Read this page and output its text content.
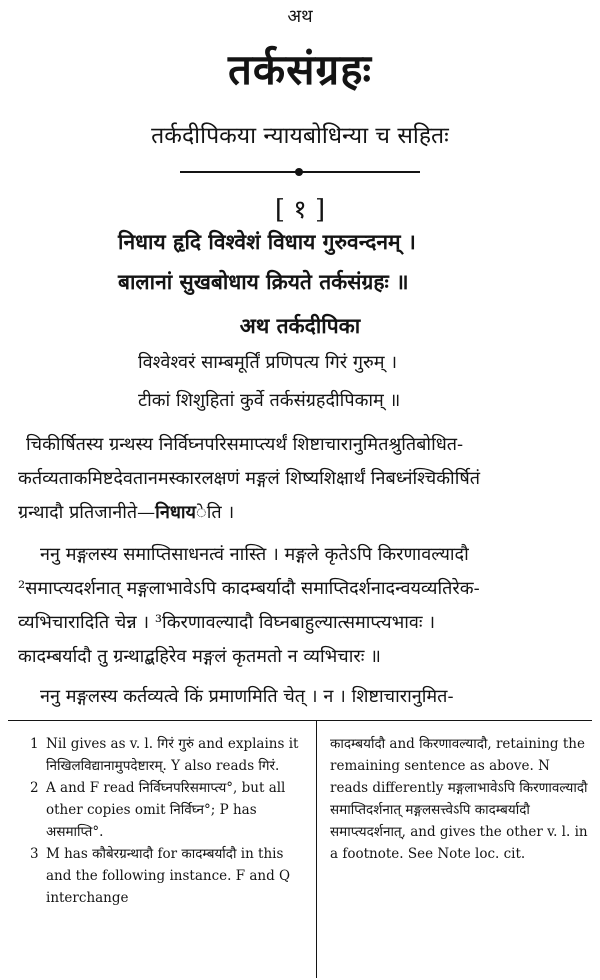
अथ
तर्कसंग्रहः
तर्कदीपिकया न्यायबोधिन्या च सहितः
[ १ ]
निधाय हृदि विश्वेशं विधाय गुरुवन्दनम् ।
बालानां सुखबोधाय क्रियते तर्कसंग्रहः ॥
अथ तर्कदीपिका
विश्वेश्वरं साम्बमूर्तिं प्रणिपत्य गिरं गुरुम् ।
टीकां शिशुहितां कुर्वे तर्कसंग्रहदीपिकाम् ॥
चिकीर्षितस्य ग्रन्थस्य निर्विघ्नपरिसमाप्त्यर्थं शिष्टाचारानुमितश्रुतिबोधित-
कर्तव्यताकमिष्टदेवतानमस्कारलक्षणं मङ्गलं शिष्यशिक्षार्थं निबध्नंश्चिकीर्षितं
ग्रन्थादौ प्रतिजानीते—निधायेति ।
ननु मङ्गलस्य समाप्तिसाधनत्वं नास्ति । मङ्गले कृतेऽपि किरणावल्यादौ
²समाप्त्यदर्शनात् मङ्गलाभावेऽपि कादम्बर्यादौ समाप्तिदर्शनादन्वयव्यतिरेक-
व्यभिचारादिति चेन्न । ³किरणावल्यादौ विघ्नबाहुल्यात्समाप्त्यभावः ।
कादम्बर्यादौ तु ग्रन्थाद्बहिरेव मङ्गलं कृतमतो न व्यभिचारः ॥
ननु मङ्गलस्य कर्तव्यत्वे किं प्रमाणमिति चेत् । न । शिष्टाचारानुमित-
1 Nil gives as v. l. गिरं गुरुं and explains it निखिलविद्यानामुपदेष्टारम्. Y also reads गिरं.
2 A and F read निर्विघ्नपरिसमाप्त्य°, but all other copies omit निर्विघ्न°; P has असमाप्ति°.
3 M has कौबेरग्रन्थादौ for कादम्बर्यादौ in this and the following instance. F and Q interchange

कादम्बर्यादौ and किरणावल्यादौ, retaining the remaining sentence as above. N reads differently मङ्गलाभावेऽपि किरणावल्यादौ समाप्तिदर्शनात् मङ्गलसत्त्वेऽपि कादम्बर्यादौ समाप्त्यदर्शनात्, and gives the other v. l. in a footnote. See Note loc. cit.
